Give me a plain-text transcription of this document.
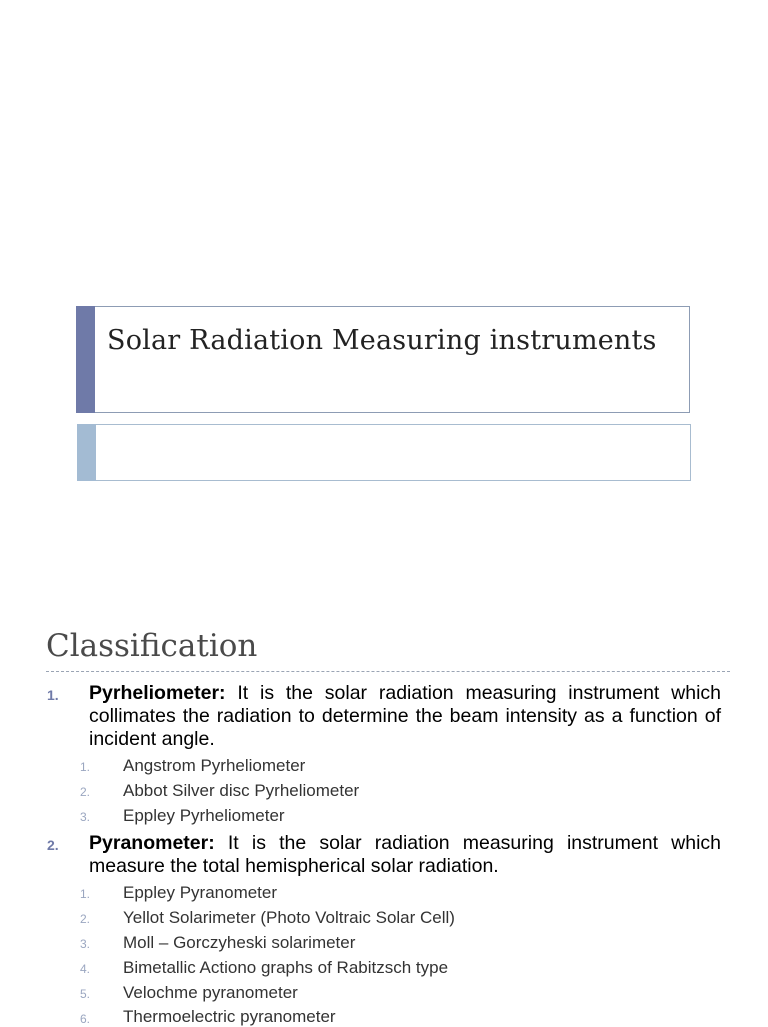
Solar Radiation Measuring instruments
Classification
1. Pyrheliometer: It is the solar radiation measuring instrument which collimates the radiation to determine the beam intensity as a function of incident angle.
1. Angstrom Pyrheliometer
2. Abbot Silver disc Pyrheliometer
3. Eppley Pyrheliometer
2. Pyranometer: It is the solar radiation measuring instrument which measure the total hemispherical solar radiation.
1. Eppley Pyranometer
2. Yellot Solarimeter (Photo Voltraic Solar Cell)
3. Moll – Gorczyheski solarimeter
4. Bimetallic Actiono graphs of Rabitzsch type
5. Velochme pyranometer
6. Thermoelectric pyranometer
